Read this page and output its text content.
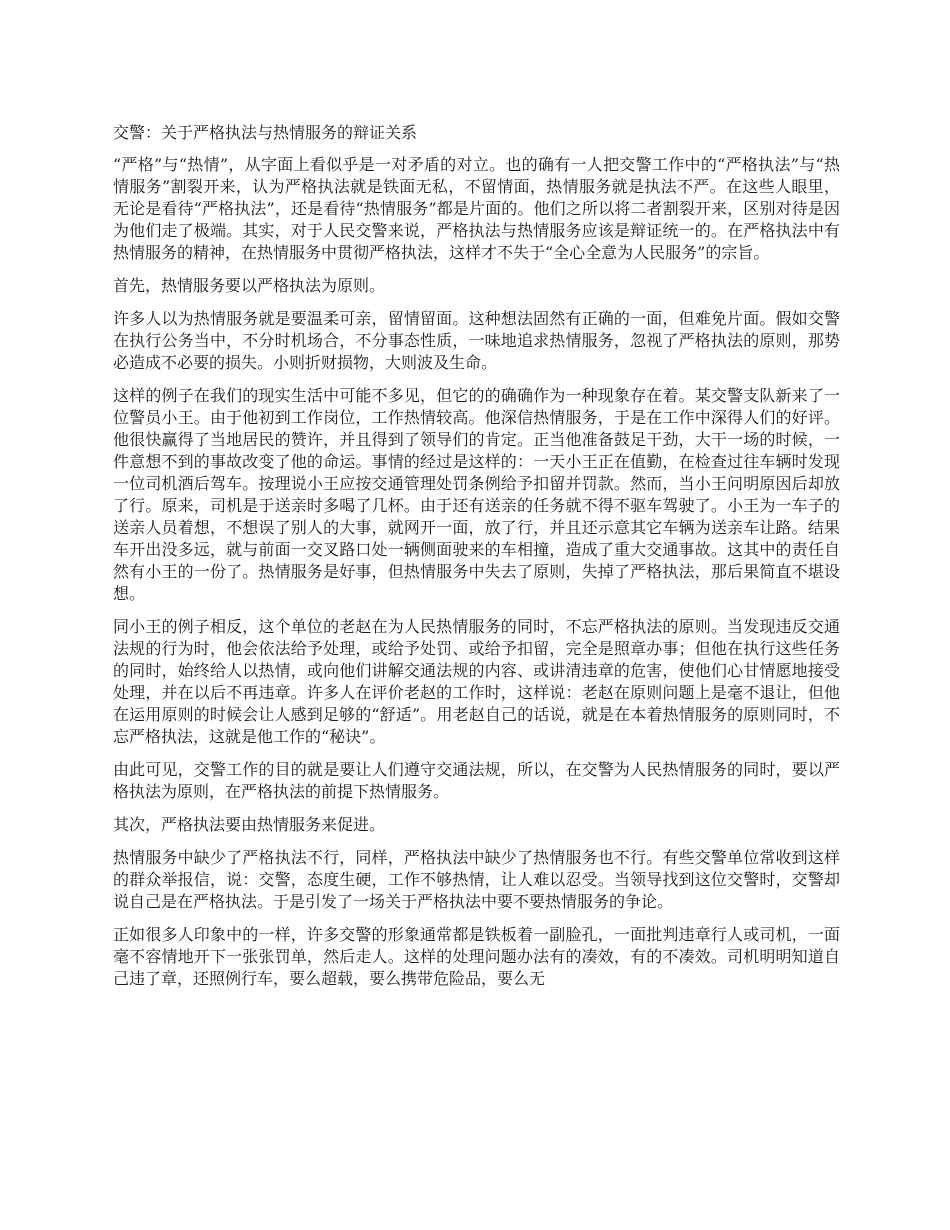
交警：关于严格执法与热情服务的辩证关系

“严格”与“热情”，从字面上看似乎是一对矛盾的对立。也的确有一人把交警工作中的“严格执法”与“热情服务”割裂开来，认为严格执法就是铁面无私，不留情面，热情服务就是执法不严。在这些人眼里，无论是看待“严格执法”，还是看待“热情服务”都是片面的。他们之所以将二者割裂开来，区别对待是因为他们走了极端。其实，对于人民交警来说，严格执法与热情服务应该是辩证统一的。在严格执法中有热情服务的精神，在热情服务中贯彻严格执法，这样才不失于“全心全意为人民服务”的宗旨。

首先，热情服务要以严格执法为原则。

许多人以为热情服务就是要温柔可亲，留情留面。这种想法固然有正确的一面，但难免片面。假如交警在执行公务当中，不分时机场合，不分事态性质，一味地追求热情服务，忽视了严格执法的原则，那势必造成不必要的损失。小则折财损物，大则波及生命。

这样的例子在我们的现实生活中可能不多见，但它的的确确作为一种现象存在着。某交警支队新来了一位警员小王。由于他初到工作岗位，工作热情较高。他深信热情服务，于是在工作中深得人们的好评。他很快赢得了当地居民的赞许，并且得到了领导们的肯定。正当他准备鼓足干劲，大干一场的时候，一件意想不到的事故改变了他的命运。事情的经过是这样的：一天小王正在值勤，在检查过往车辆时发现一位司机酒后驾车。按理说小王应按交通管理处罚条例给予扣留并罚款。然而，当小王问明原因后却放了行。原来，司机是于送亲时多喝了几杯。由于还有送亲的任务就不得不驱车驾驶了。小王为一车子的送亲人员着想，不想误了别人的大事，就网开一面，放了行，并且还示意其它车辆为送亲车让路。结果车开出没多远，就与前面一交叉路口处一辆侧面驶来的车相撞，造成了重大交通事故。这其中的责任自然有小王的一份了。热情服务是好事，但热情服务中失去了原则，失掉了严格执法，那后果简直不堪设想。

同小王的例子相反，这个单位的老赵在为人民热情服务的同时，不忘严格执法的原则。当发现违反交通法规的行为时，他会依法给予处理，或给予处罚、或给予扣留，完全是照章办事；但他在执行这些任务的同时，始终给人以热情，或向他们讲解交通法规的内容、或讲清违章的危害，使他们心甘情愿地接受处理，并在以后不再违章。许多人在评价老赵的工作时，这样说：老赵在原则问题上是毫不退让，但他在运用原则的时候会让人感到足够的“舒适”。用老赵自己的话说，就是在本着热情服务的原则同时，不忘严格执法，这就是他工作的“秘诀”。

由此可见，交警工作的目的就是要让人们遵守交通法规，所以，在交警为人民热情服务的同时，要以严格执法为原则，在严格执法的前提下热情服务。

其次，严格执法要由热情服务来促进。

热情服务中缺少了严格执法不行，同样，严格执法中缺少了热情服务也不行。有些交警单位常收到这样的群众举报信，说：交警，态度生硬，工作不够热情，让人难以忍受。当领导找到这位交警时，交警却说自己是在严格执法。于是引发了一场关于严格执法中要不要热情服务的争论。

正如很多人印象中的一样，许多交警的形象通常都是铁板着一副脸孔，一面批判违章行人或司机，一面毫不容情地开下一张张罚单，然后走人。这样的处理问题办法有的凑效，有的不凑效。司机明明知道自己违了章，还照例行车，要么超载，要么携带危险品，要么无
